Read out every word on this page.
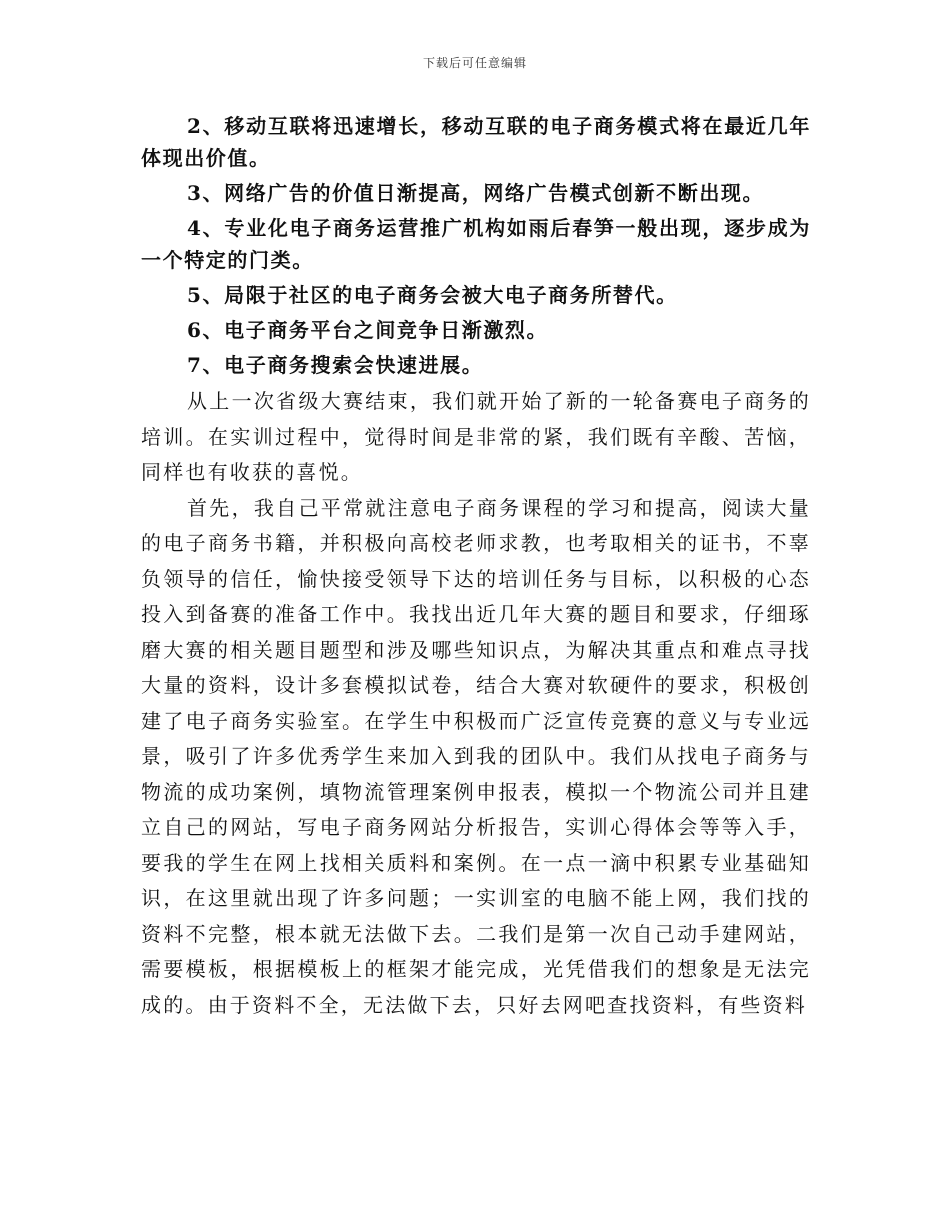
下载后可任意编辑

2、移动互联将迅速增长，移动互联的电子商务模式将在最近几年体现出价值。

3、网络广告的价值日渐提高，网络广告模式创新不断出现。

4、专业化电子商务运营推广机构如雨后春笋一般出现，逐步成为一个特定的门类。

5、局限于社区的电子商务会被大电子商务所替代。

6、电子商务平台之间竞争日渐激烈。

7、电子商务搜索会快速进展。

从上一次省级大赛结束，我们就开始了新的一轮备赛电子商务的培训。在实训过程中，觉得时间是非常的紧，我们既有辛酸、苦恼，同样也有收获的喜悦。

首先，我自己平常就注意电子商务课程的学习和提高，阅读大量的电子商务书籍，并积极向高校老师求教，也考取相关的证书，不辜负领导的信任，愉快接受领导下达的培训任务与目标，以积极的心态投入到备赛的准备工作中。我找出近几年大赛的题目和要求，仔细琢磨大赛的相关题目题型和涉及哪些知识点，为解决其重点和难点寻找大量的资料，设计多套模拟试卷，结合大赛对软硬件的要求，积极创建了电子商务实验室。在学生中积极而广泛宣传竞赛的意义与专业远景，吸引了许多优秀学生来加入到我的团队中。我们从找电子商务与物流的成功案例，填物流管理案例申报表，模拟一个物流公司并且建立自己的网站，写电子商务网站分析报告，实训心得体会等等入手，要我的学生在网上找相关质料和案例。在一点一滴中积累专业基础知识，在这里就出现了许多问题；一实训室的电脑不能上网，我们找的资料不完整，根本就无法做下去。二我们是第一次自己动手建网站，需要模板，根据模板上的框架才能完成，光凭借我们的想象是无法完成的。由于资料不全，无法做下去，只好去网吧查找资料，有些资料
